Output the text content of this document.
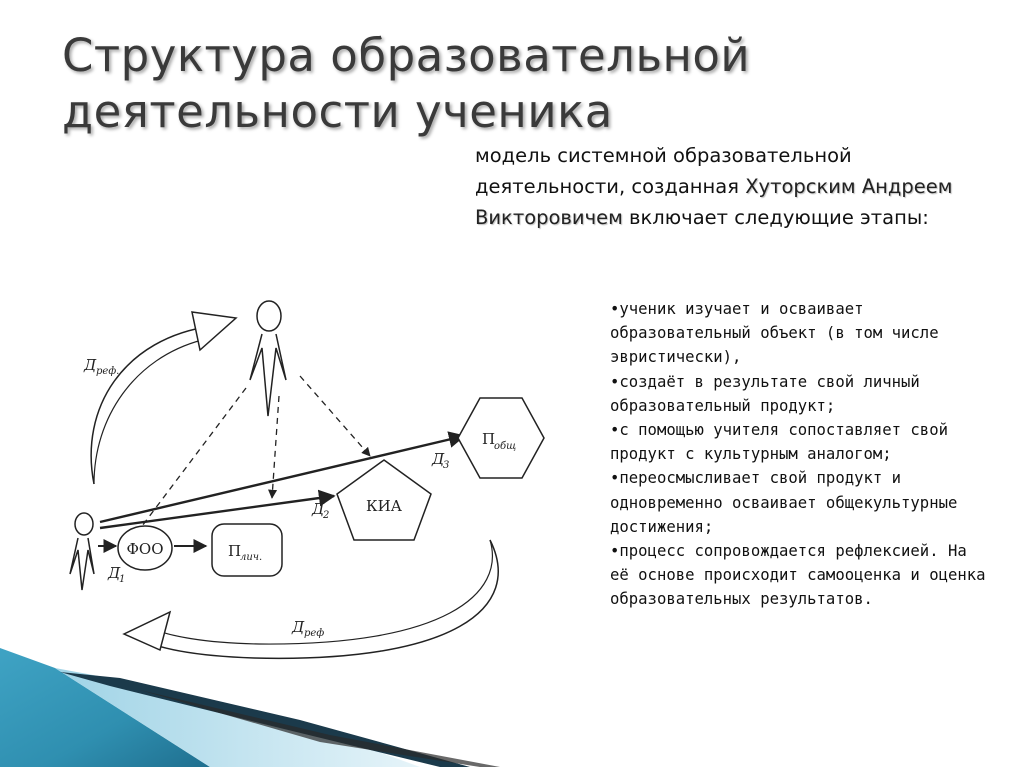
Структура образовательной
деятельности ученика
модель системной образовательной деятельности, созданная Хуторским Андреем Викторовичем включает следующие этапы:
•ученик изучает и осваивает образовательный объект (в том числе эвристически),
•создаёт в результате свой личный образовательный продукт;
•с помощью учителя сопоставляет свой продукт с культурным аналогом;
•переосмысливает свой продукт и одновременно осваивает общекультурные достижения;
•процесс сопровождается рефлексией. На её основе происходит самооценка и оценка образовательных результатов.
ФОО	П
лич.
КИА
П
общ
Д реф.
Д реф
Д
1
Д
2
Д
3
